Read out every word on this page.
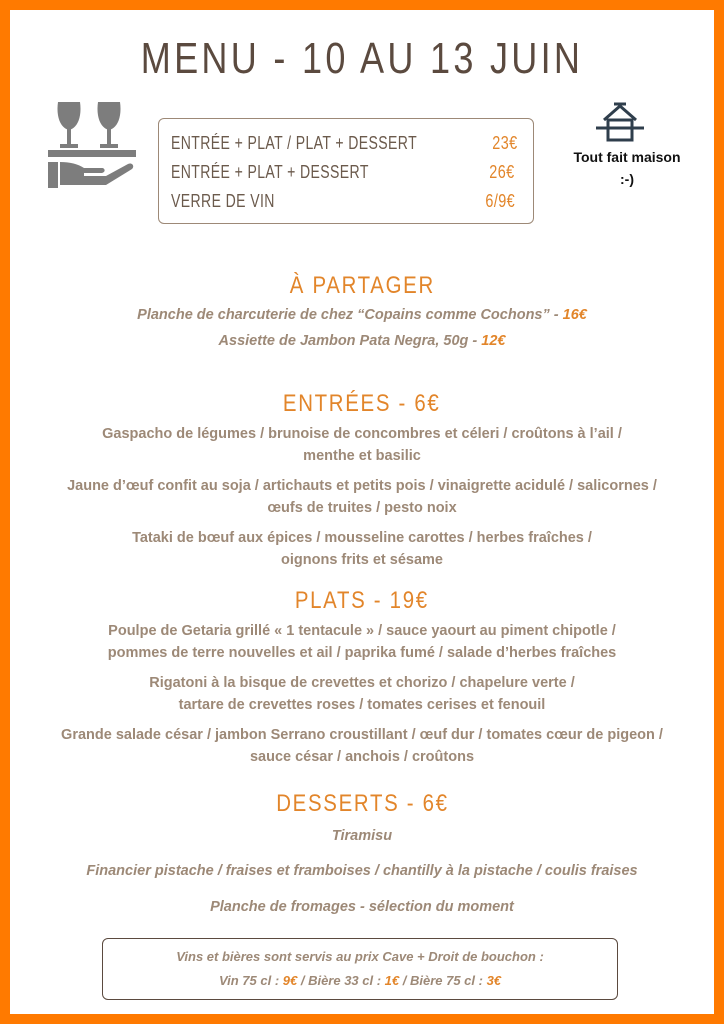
MENU - 10 AU 13 JUIN
ENTRÉE + PLAT / PLAT + DESSERT	23€
ENTRÉE + PLAT + DESSERT	26€
VERRE DE VIN	6/9€
Tout fait maison
:-)
À PARTAGER
Planche de charcuterie de chez “Copains comme Cochons” - 16€
Assiette de Jambon Pata Negra, 50g - 12€
ENTRÉES - 6€
Gaspacho de légumes / brunoise de concombres et céleri / croûtons à l’ail /
menthe et basilic
Jaune d’œuf confit au soja / artichauts et petits pois / vinaigrette acidulé / salicornes /
œufs de truites / pesto noix
Tataki de bœuf aux épices / mousseline carottes / herbes fraîches /
oignons frits et sésame
PLATS - 19€
Poulpe de Getaria grillé « 1 tentacule » / sauce yaourt au piment chipotle /
pommes de terre nouvelles et ail / paprika fumé / salade d’herbes fraîches
Rigatoni à la bisque de crevettes et chorizo / chapelure verte /
tartare de crevettes roses / tomates cerises et fenouil
Grande salade césar / jambon Serrano croustillant / œuf dur / tomates cœur de pigeon /
sauce césar / anchois / croûtons
DESSERTS - 6€
Tiramisu
Financier pistache / fraises et framboises / chantilly à la pistache / coulis fraises
Planche de fromages - sélection du moment
Vins et bières sont servis au prix Cave + Droit de bouchon :
Vin 75 cl : 9€ / Bière 33 cl : 1€ / Bière 75 cl : 3€
